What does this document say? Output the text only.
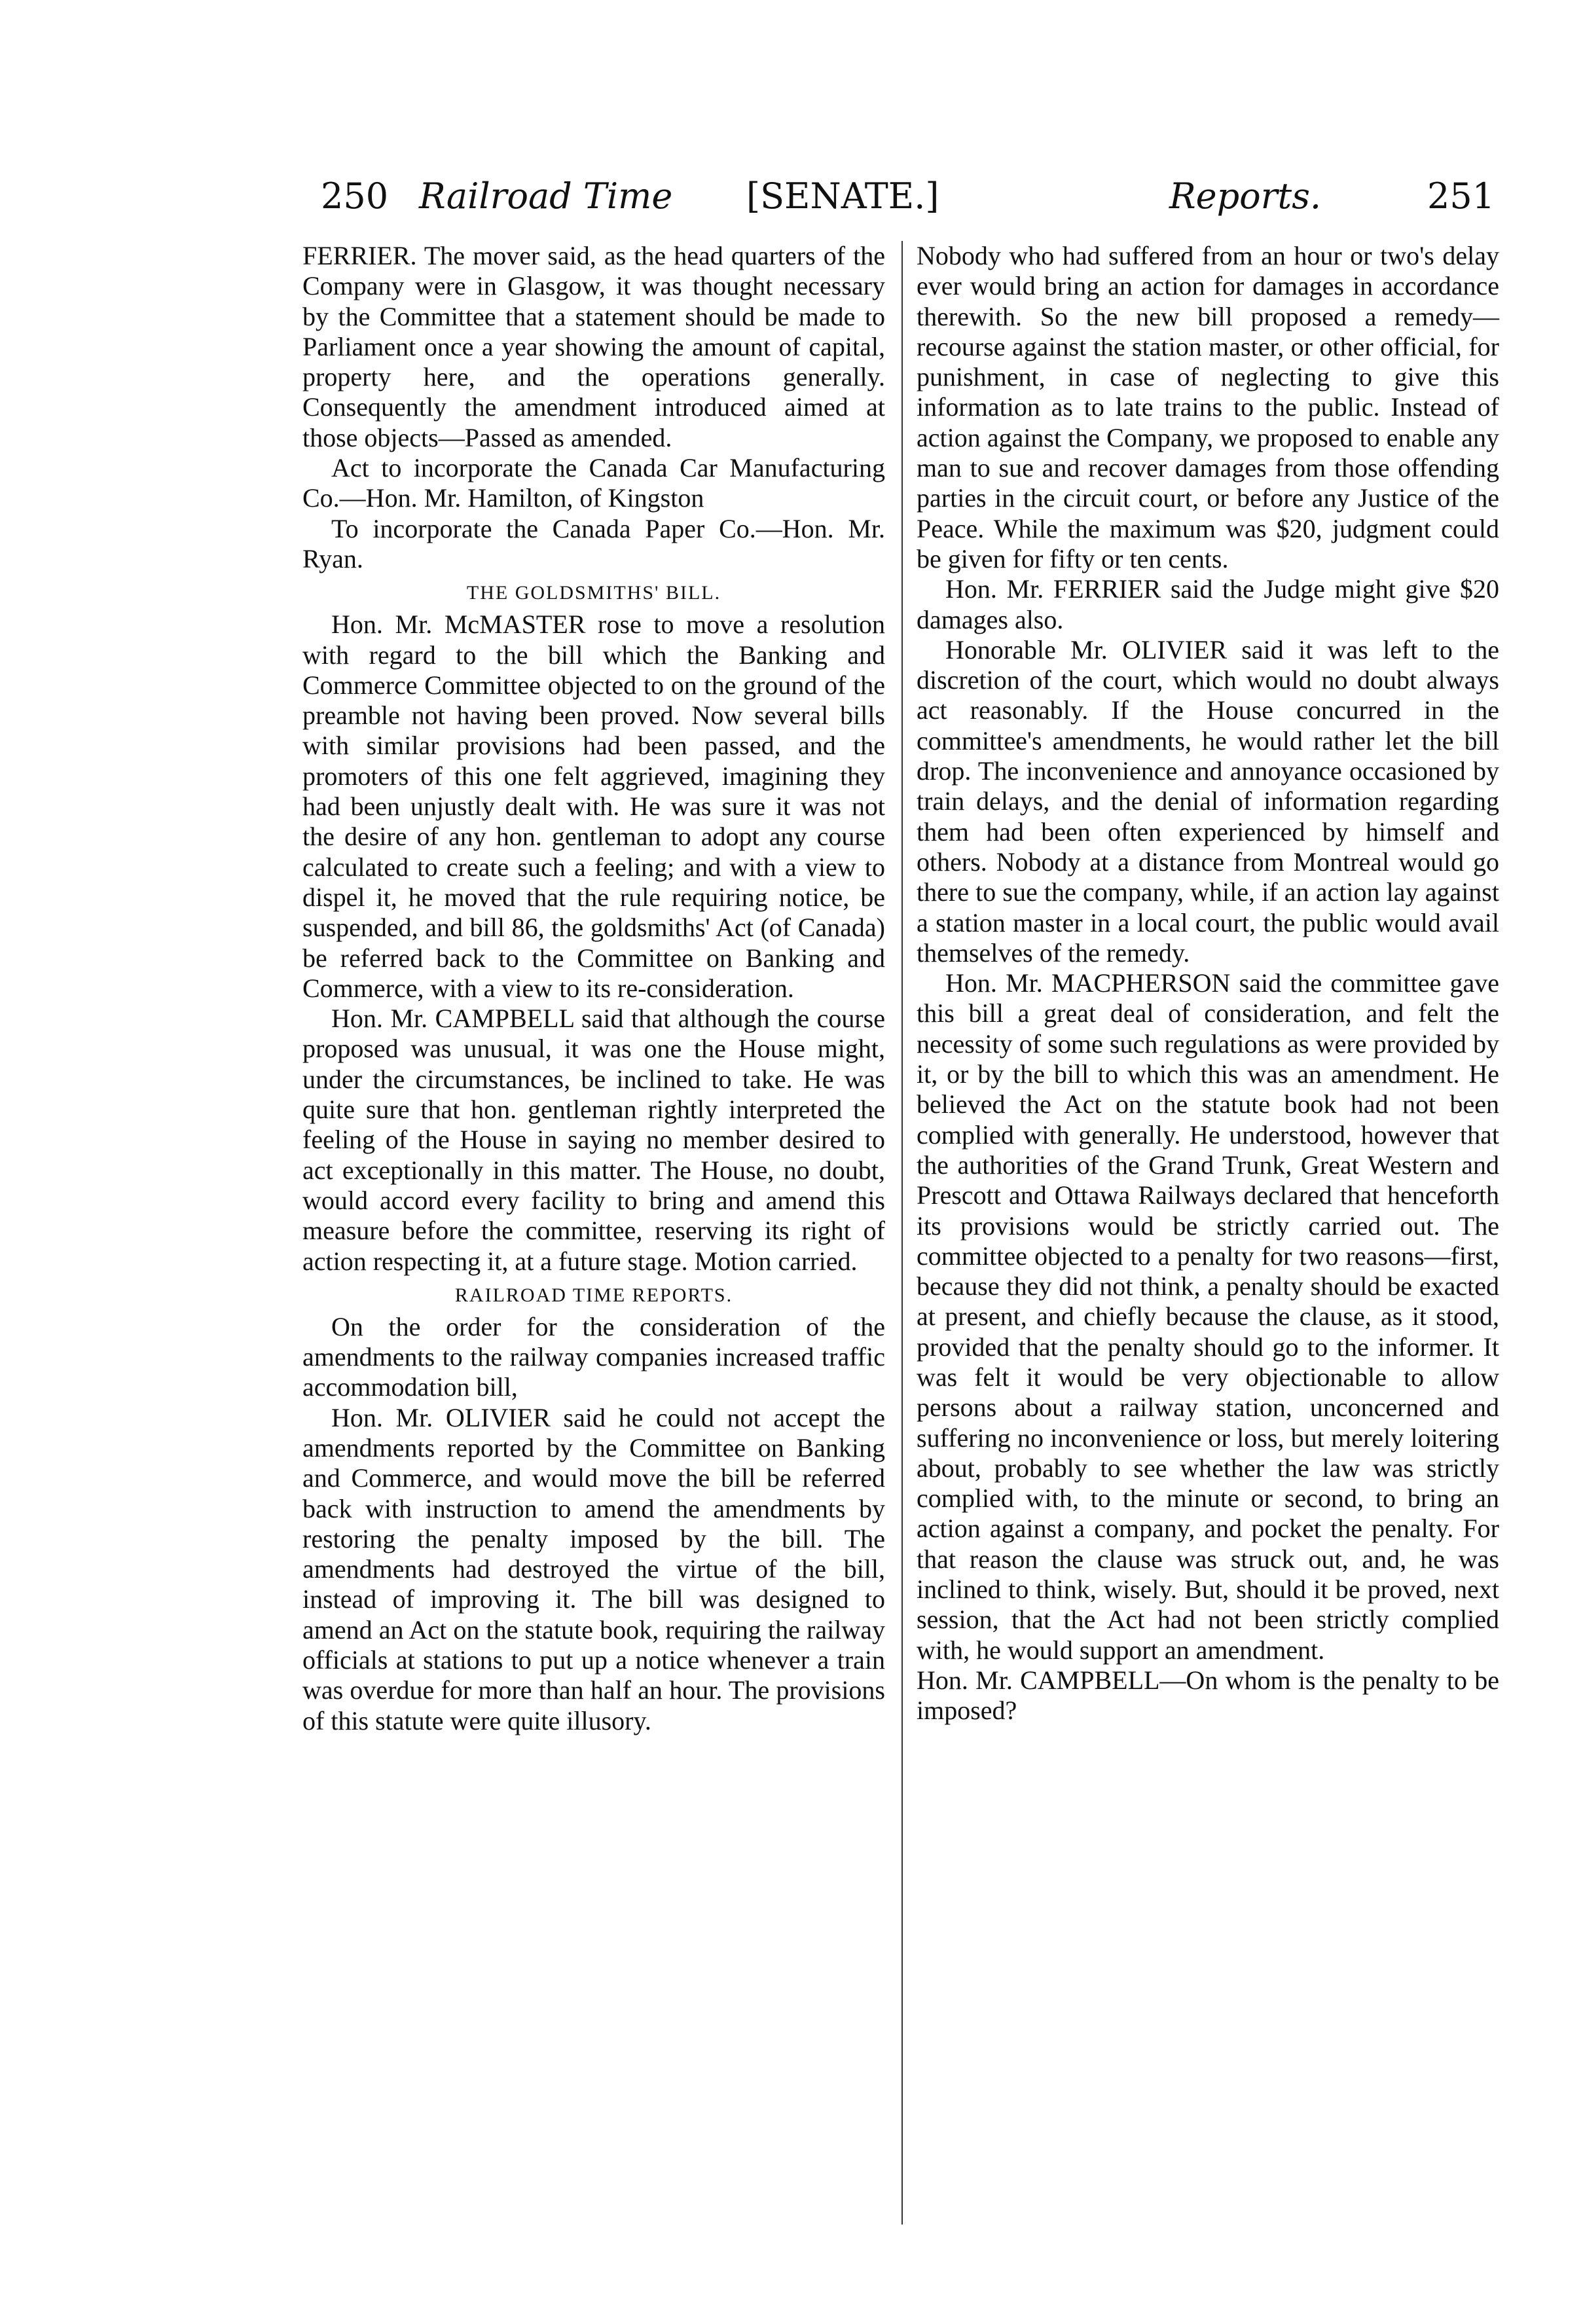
250 Railroad Time [SENATE.]	Reports.	251

FERRIER. The mover said, as the head quarters of the Company were in Glasgow, it was thought necessary by the Committee that a statement should be made to Parliament once a year showing the amount of capital, property here, and the operations generally. Consequently the amendment introduced aimed at those objects—Passed as amended.

Act to incorporate the Canada Car Manufacturing Co.—Hon. Mr. Hamilton, of Kingston

To incorporate the Canada Paper Co.—Hon. Mr. Ryan.

THE GOLDSMITHS' BILL.

Hon. Mr. McMASTER rose to move a resolution with regard to the bill which the Banking and Commerce Committee objected to on the ground of the preamble not having been proved. Now several bills with similar provisions had been passed, and the promoters of this one felt aggrieved, imagining they had been unjustly dealt with. He was sure it was not the desire of any hon. gentleman to adopt any course calculated to create such a feeling; and with a view to dispel it, he moved that the rule requiring notice, be suspended, and bill 86, the goldsmiths' Act (of Canada) be referred back to the Committee on Banking and Commerce, with a view to its re-consideration.

Hon. Mr. CAMPBELL said that although the course proposed was unusual, it was one the House might, under the circumstances, be inclined to take. He was quite sure that hon. gentleman rightly interpreted the feeling of the House in saying no member desired to act exceptionally in this matter. The House, no doubt, would accord every facility to bring and amend this measure before the committee, reserving its right of action respecting it, at a future stage. Motion carried.

RAILROAD TIME REPORTS.

On the order for the consideration of the amendments to the railway companies increased traffic accommodation bill,

Hon. Mr. OLIVIER said he could not accept the amendments reported by the Committee on Banking and Commerce, and would move the bill be referred back with instruction to amend the amendments by restoring the penalty imposed by the bill. The amendments had destroyed the virtue of the bill, instead of improving it. The bill was designed to amend an Act on the statute book, requiring the railway officials at stations to put up a notice whenever a train was overdue for more than half an hour. The provisions of this statute were quite illusory.

Nobody who had suffered from an hour or two's delay ever would bring an action for damages in accordance therewith. So the new bill proposed a remedy—recourse against the station master, or other official, for punishment, in case of neglecting to give this information as to late trains to the public. Instead of action against the Company, we proposed to enable any man to sue and recover damages from those offending parties in the circuit court, or before any Justice of the Peace. While the maximum was $20, judgment could be given for fifty or ten cents.

Hon. Mr. FERRIER said the Judge might give $20 damages also.

Honorable Mr. OLIVIER said it was left to the discretion of the court, which would no doubt always act reasonably. If the House concurred in the committee's amendments, he would rather let the bill drop. The inconvenience and annoyance occasioned by train delays, and the denial of information regarding them had been often experienced by himself and others. Nobody at a distance from Montreal would go there to sue the company, while, if an action lay against a station master in a local court, the public would avail themselves of the remedy.

Hon. Mr. MACPHERSON said the committee gave this bill a great deal of consideration, and felt the necessity of some such regulations as were provided by it, or by the bill to which this was an amendment. He believed the Act on the statute book had not been complied with generally. He understood, however that the authorities of the Grand Trunk, Great Western and Prescott and Ottawa Railways declared that henceforth its provisions would be strictly carried out. The committee objected to a penalty for two reasons—first, because they did not think, a penalty should be exacted at present, and chiefly because the clause, as it stood, provided that the penalty should go to the informer. It was felt it would be very objectionable to allow persons about a railway station, unconcerned and suffering no inconvenience or loss, but merely loitering about, probably to see whether the law was strictly complied with, to the minute or second, to bring an action against a company, and pocket the penalty. For that reason the clause was struck out, and, he was inclined to think, wisely. But, should it be proved, next session, that the Act had not been strictly complied with, he would support an amendment.

Hon. Mr. CAMPBELL—On whom is the penalty to be imposed?
